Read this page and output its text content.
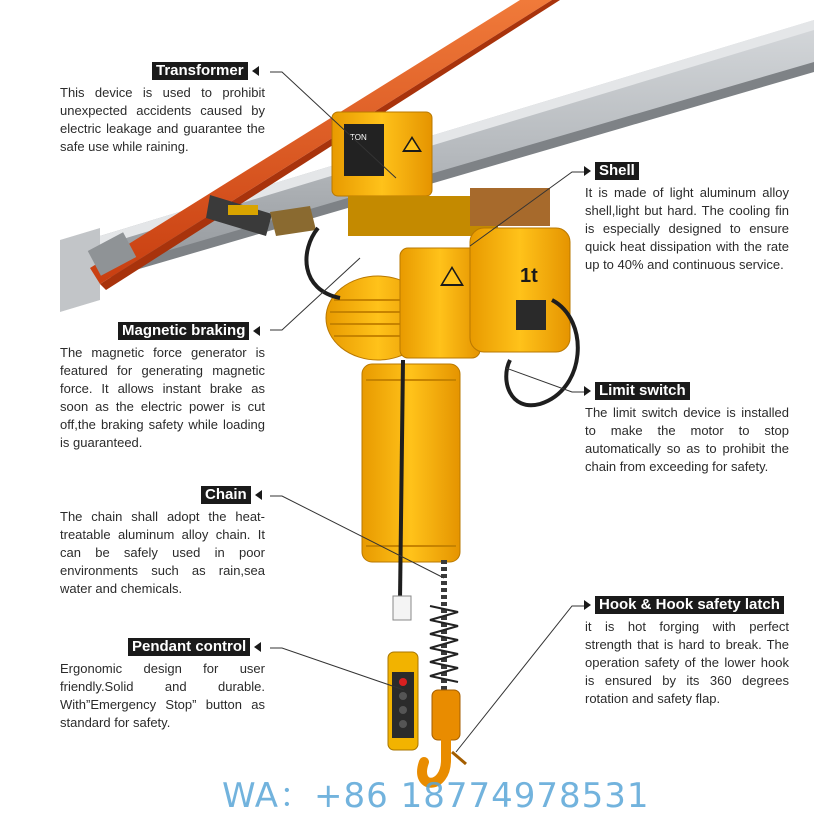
TON
1t
Transformer

This device is used to prohibit unexpected accidents caused by electric leakage and guarantee the safe use while raining.

Magnetic braking

The magnetic force generator is featured for generating magnetic force. It allows instant brake as soon as the electric power is cut off,the braking safety while loading is guaranteed.

Chain

The chain shall adopt the heat-treatable aluminum alloy chain. It can be safely used in poor environments such as rain,sea water and chemicals.

Pendant control

Ergonomic design for user friendly.Solid and durable. With”Emergency Stop” button as standard for safety.

Shell

It is made of light aluminum alloy shell,light but hard. The cooling fin is especially designed to ensure quick heat dissipation with the rate up to 40% and continuous service.

Limit switch

The limit switch device is installed to make the motor to stop automatically so as to prohibit the chain from exceeding for safety.

Hook & Hook safety latch

it is hot forging with perfect strength that is hard to break. The operation safety of the lower hook is ensured by its 360 degrees rotation and safety flap.

WA：+86 18774978531
